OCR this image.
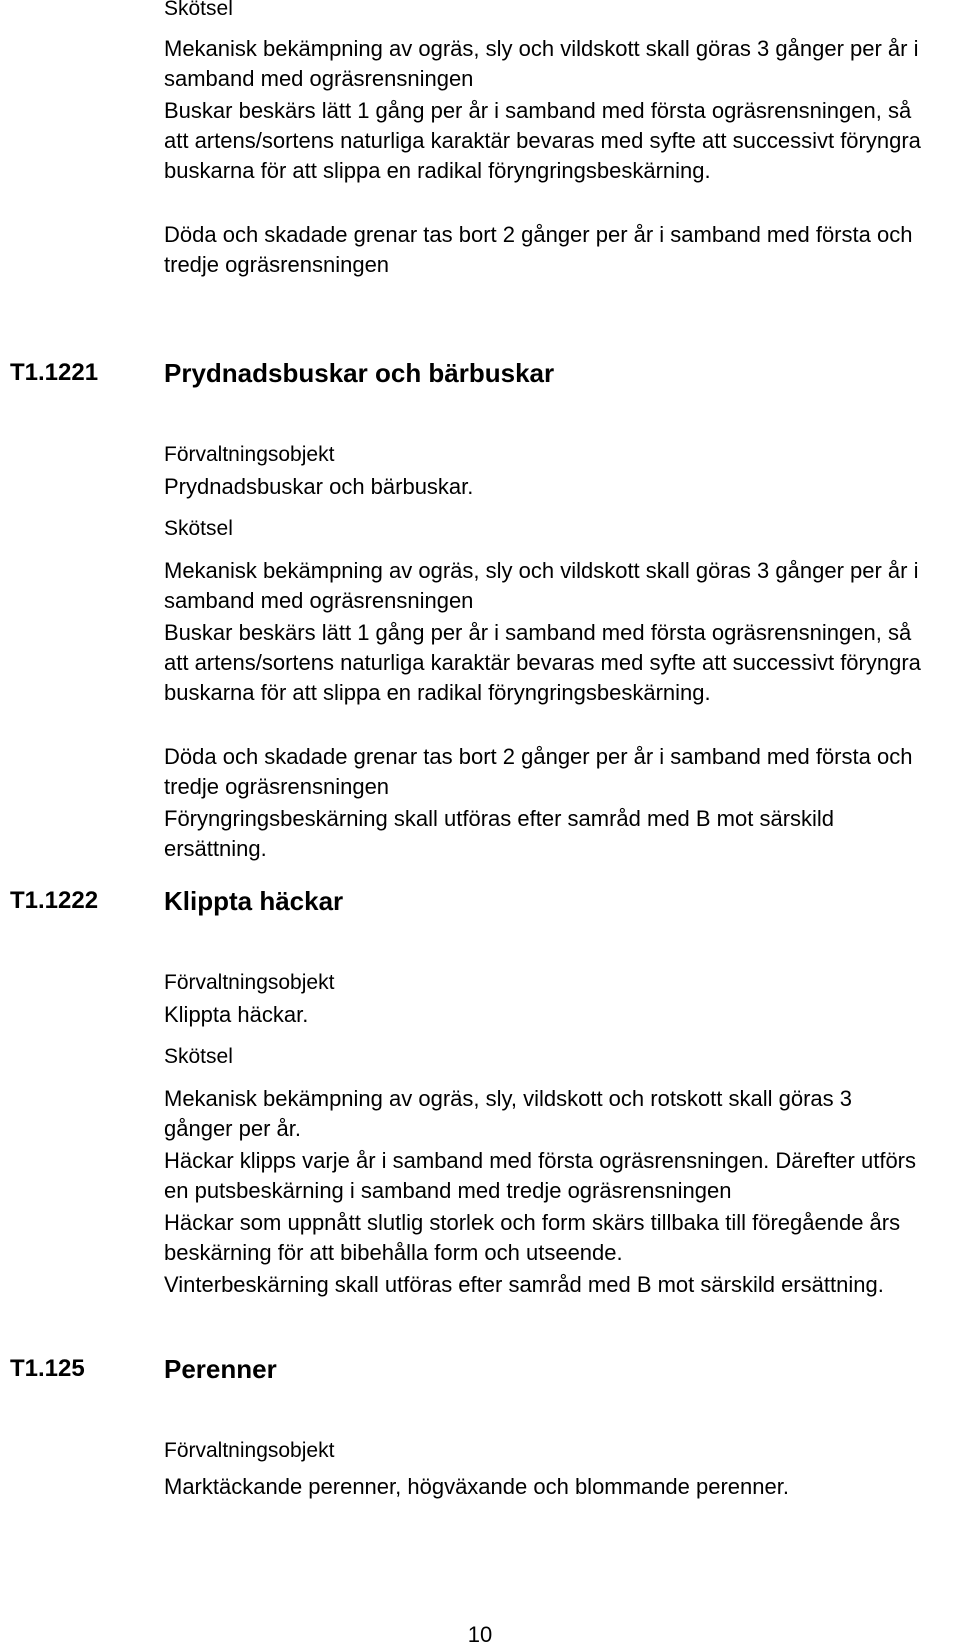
Skötsel
Mekanisk bekämpning av ogräs, sly och vildskott skall göras 3 gånger per år i samband med ogräsrensningen
Buskar beskärs lätt 1 gång per år i samband med första ogräsrensningen, så att artens/sortens naturliga karaktär bevaras med syfte att successivt föryngra buskarna för att slippa en radikal föryngringsbeskärning.
Döda och skadade grenar tas bort 2 gånger per år i samband med första och tredje ogräsrensningen
T1.1221	Prydnadsbuskar och bärbuskar
Förvaltningsobjekt
Prydnadsbuskar och bärbuskar.
Skötsel
Mekanisk bekämpning av ogräs, sly och vildskott skall göras 3 gånger per år i samband med ogräsrensningen
Buskar beskärs lätt 1 gång per år i samband med första ogräsrensningen, så att artens/sortens naturliga karaktär bevaras med syfte att successivt föryngra buskarna för att slippa en radikal föryngringsbeskärning.
Döda och skadade grenar tas bort 2 gånger per år i samband med första och tredje ogräsrensningen
Föryngringsbeskärning skall utföras efter samråd med B mot särskild ersättning.
T1.1222	Klippta häckar
Förvaltningsobjekt
Klippta häckar.
Skötsel
Mekanisk bekämpning av ogräs, sly, vildskott och rotskott skall göras 3 gånger per år.
Häckar klipps varje år i samband med första ogräsrensningen. Därefter utförs en putsbeskärning i samband med tredje ogräsrensningen
Häckar som uppnått slutlig storlek och form skärs tillbaka till föregående års beskärning för att bibehålla form och utseende.
Vinterbeskärning skall utföras efter samråd med B mot särskild ersättning.
T1.125	Perenner
Förvaltningsobjekt
Marktäckande perenner, högväxande och blommande perenner.
10
